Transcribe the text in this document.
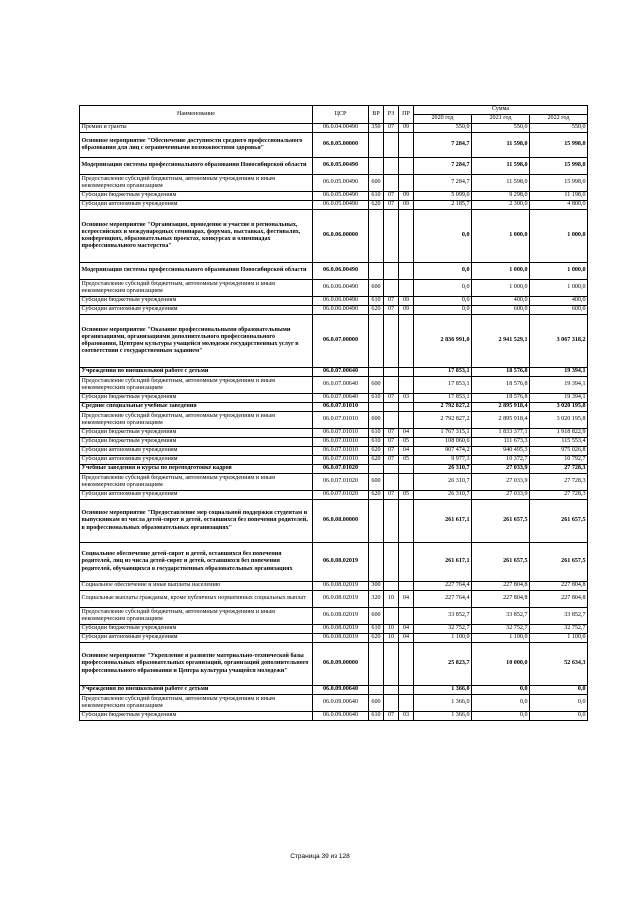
Наименование	ЦСР	ВР	РЗ	ПР	Сумма		
					2020 год	2021 год	2022 год
Премии и гранты	06.0.04.00490	350	07	09	550,0	550,0	550,0
Основное мероприятие "Обеспечение доступности среднего профессионального образования для лиц с ограниченными возможностями здоровья"	06.0.05.00000				7 284,7	11 598,0	15 998,0
Модернизация системы профессионального образования Новосибирской области	06.0.05.00490				7 284,7	11 598,0	15 998,0
Предоставление субсидий бюджетным, автономным учреждениям и иным некоммерческим организациям	06.0.05.00490	600			7 284,7	11 598,0	15 998,0
Субсидии бюджетным учреждениям	06.0.05.00490	610	07	09	5 099,0	9 298,0	11 198,0
Субсидии автономным учреждениям	06.0.05.00490	620	07	09	2 185,7	2 300,0	4 800,0
Основное мероприятие "Организация, проведение и участие в региональных, всероссийских и международных семинарах, форумах, выставках, фестивалях, конференциях, образовательных проектах, конкурсах и олимпиадах профессионального мастерства"	06.0.06.00000				0,0	1 000,0	1 000,0
Модернизация системы профессионального образования Новосибирской области	06.0.06.00490				0,0	1 000,0	1 000,0
Предоставление субсидий бюджетным, автономным учреждениям и иным некоммерческим организациям	06.0.06.00490	600			0,0	1 000,0	1 000,0
Субсидии бюджетным учреждениям	06.0.06.00490	610	07	09	0,0	400,0	400,0
Субсидии автономным учреждениям	06.0.06.00490	620	07	09	0,0	600,0	600,0
Основное мероприятие "Оказание профессиональными образовательными организациями, организациями дополнительного профессионального образования, Центром культуры учащейся молодежи государственных услуг в соответствии с государственным заданием"	06.0.07.00000				2 836 991,0	2 941 529,1	3 067 318,2
Учреждения по внешкольной работе с детьми	06.0.07.00640				17 853,1	18 576,8	19 394,1
Предоставление субсидий бюджетным, автономным учреждениям и иным некоммерческим организациям	06.0.07.00640	600			17 853,1	18 576,8	19 394,1
Субсидии бюджетным учреждениям	06.0.07.00640	610	07	03	17 853,1	18 576,8	19 394,1
Средние специальные учебные заведения	06.0.07.01010				2 792 827,2	2 895 918,4	3 020 195,8
Предоставление субсидий бюджетным, автономным учреждениям и иным некоммерческим организациям	06.0.07.01010	600			2 792 827,2	2 895 918,4	3 020 195,8
Субсидии бюджетным учреждениям	06.0.07.01010	610	07	04	1 767 315,1	1 833 377,1	1 918 822,9
Субсидии бюджетным учреждениям	06.0.07.01010	610	07	05	108 060,6	111 673,3	115 553,4
Субсидии автономным учреждениям	06.0.07.01010	620	07	04	907 474,2	940 495,3	975 026,8
Субсидии автономным учреждениям	06.0.07.01010	620	07	05	9 977,3	10 372,7	10 792,7
Учебные заведения и курсы по переподготовке кадров	06.0.07.01020				26 310,7	27 033,9	27 728,3
Предоставление субсидий бюджетным, автономным учреждениям и иным некоммерческим организациям	06.0.07.01020	600			26 310,7	27 033,9	27 728,3
Субсидии автономным учреждениям	06.0.07.01020	620	07	05	26 310,7	27 033,9	27 728,3
Основное мероприятие "Предоставление мер социальной поддержки студентам и выпускникам из числа детей-сирот и детей, оставшихся без попечения родителей, в профессиональных образовательных организациях"	06.0.08.00000				261 617,1	261 657,5	261 657,5
Социальное обеспечение детей-сирот и детей, оставшихся без попечения родителей, лиц из числа детей-сирот и детей, оставшихся без попечения родителей, обучающихся в государственных образовательных организациях	06.0.08.02019				261 617,1	261 657,5	261 657,5
Социальное обеспечение и иные выплаты населению	06.0.08.02019	300			227 764,4	227 804,8	227 804,8
Социальные выплаты гражданам, кроме публичных нормативных социальных выплат	06.0.08.02019	320	10	04	227 764,4	227 804,8	227 804,8
Предоставление субсидий бюджетным, автономным учреждениям и иным некоммерческим организациям	06.0.08.02019	600			33 852,7	33 852,7	33 852,7
Субсидии бюджетным учреждениям	06.0.08.02019	610	10	04	32 752,7	32 752,7	32 752,7
Субсидии автономным учреждениям	06.0.08.02019	620	10	04	1 100,0	1 100,0	1 100,0
Основное мероприятие "Укрепление и развитие материально-технической базы профессиональных образовательных организаций, организаций дополнительного профессионального образования и Центра культуры учащейся молодежи"	06.0.09.00000				25 823,7	10 000,0	52 634,3
Учреждения по внешкольной работе с детьми	06.0.09.00640				1 366,0	0,0	0,0
Предоставление субсидий бюджетным, автономным учреждениям и иным некоммерческим организациям	06.0.09.00640	600			1 366,0	0,0	0,0
Субсидии бюджетным учреждениям	06.0.09.00640	610	07	03	1 366,0	0,0	0,0
Страница 39 из 128
